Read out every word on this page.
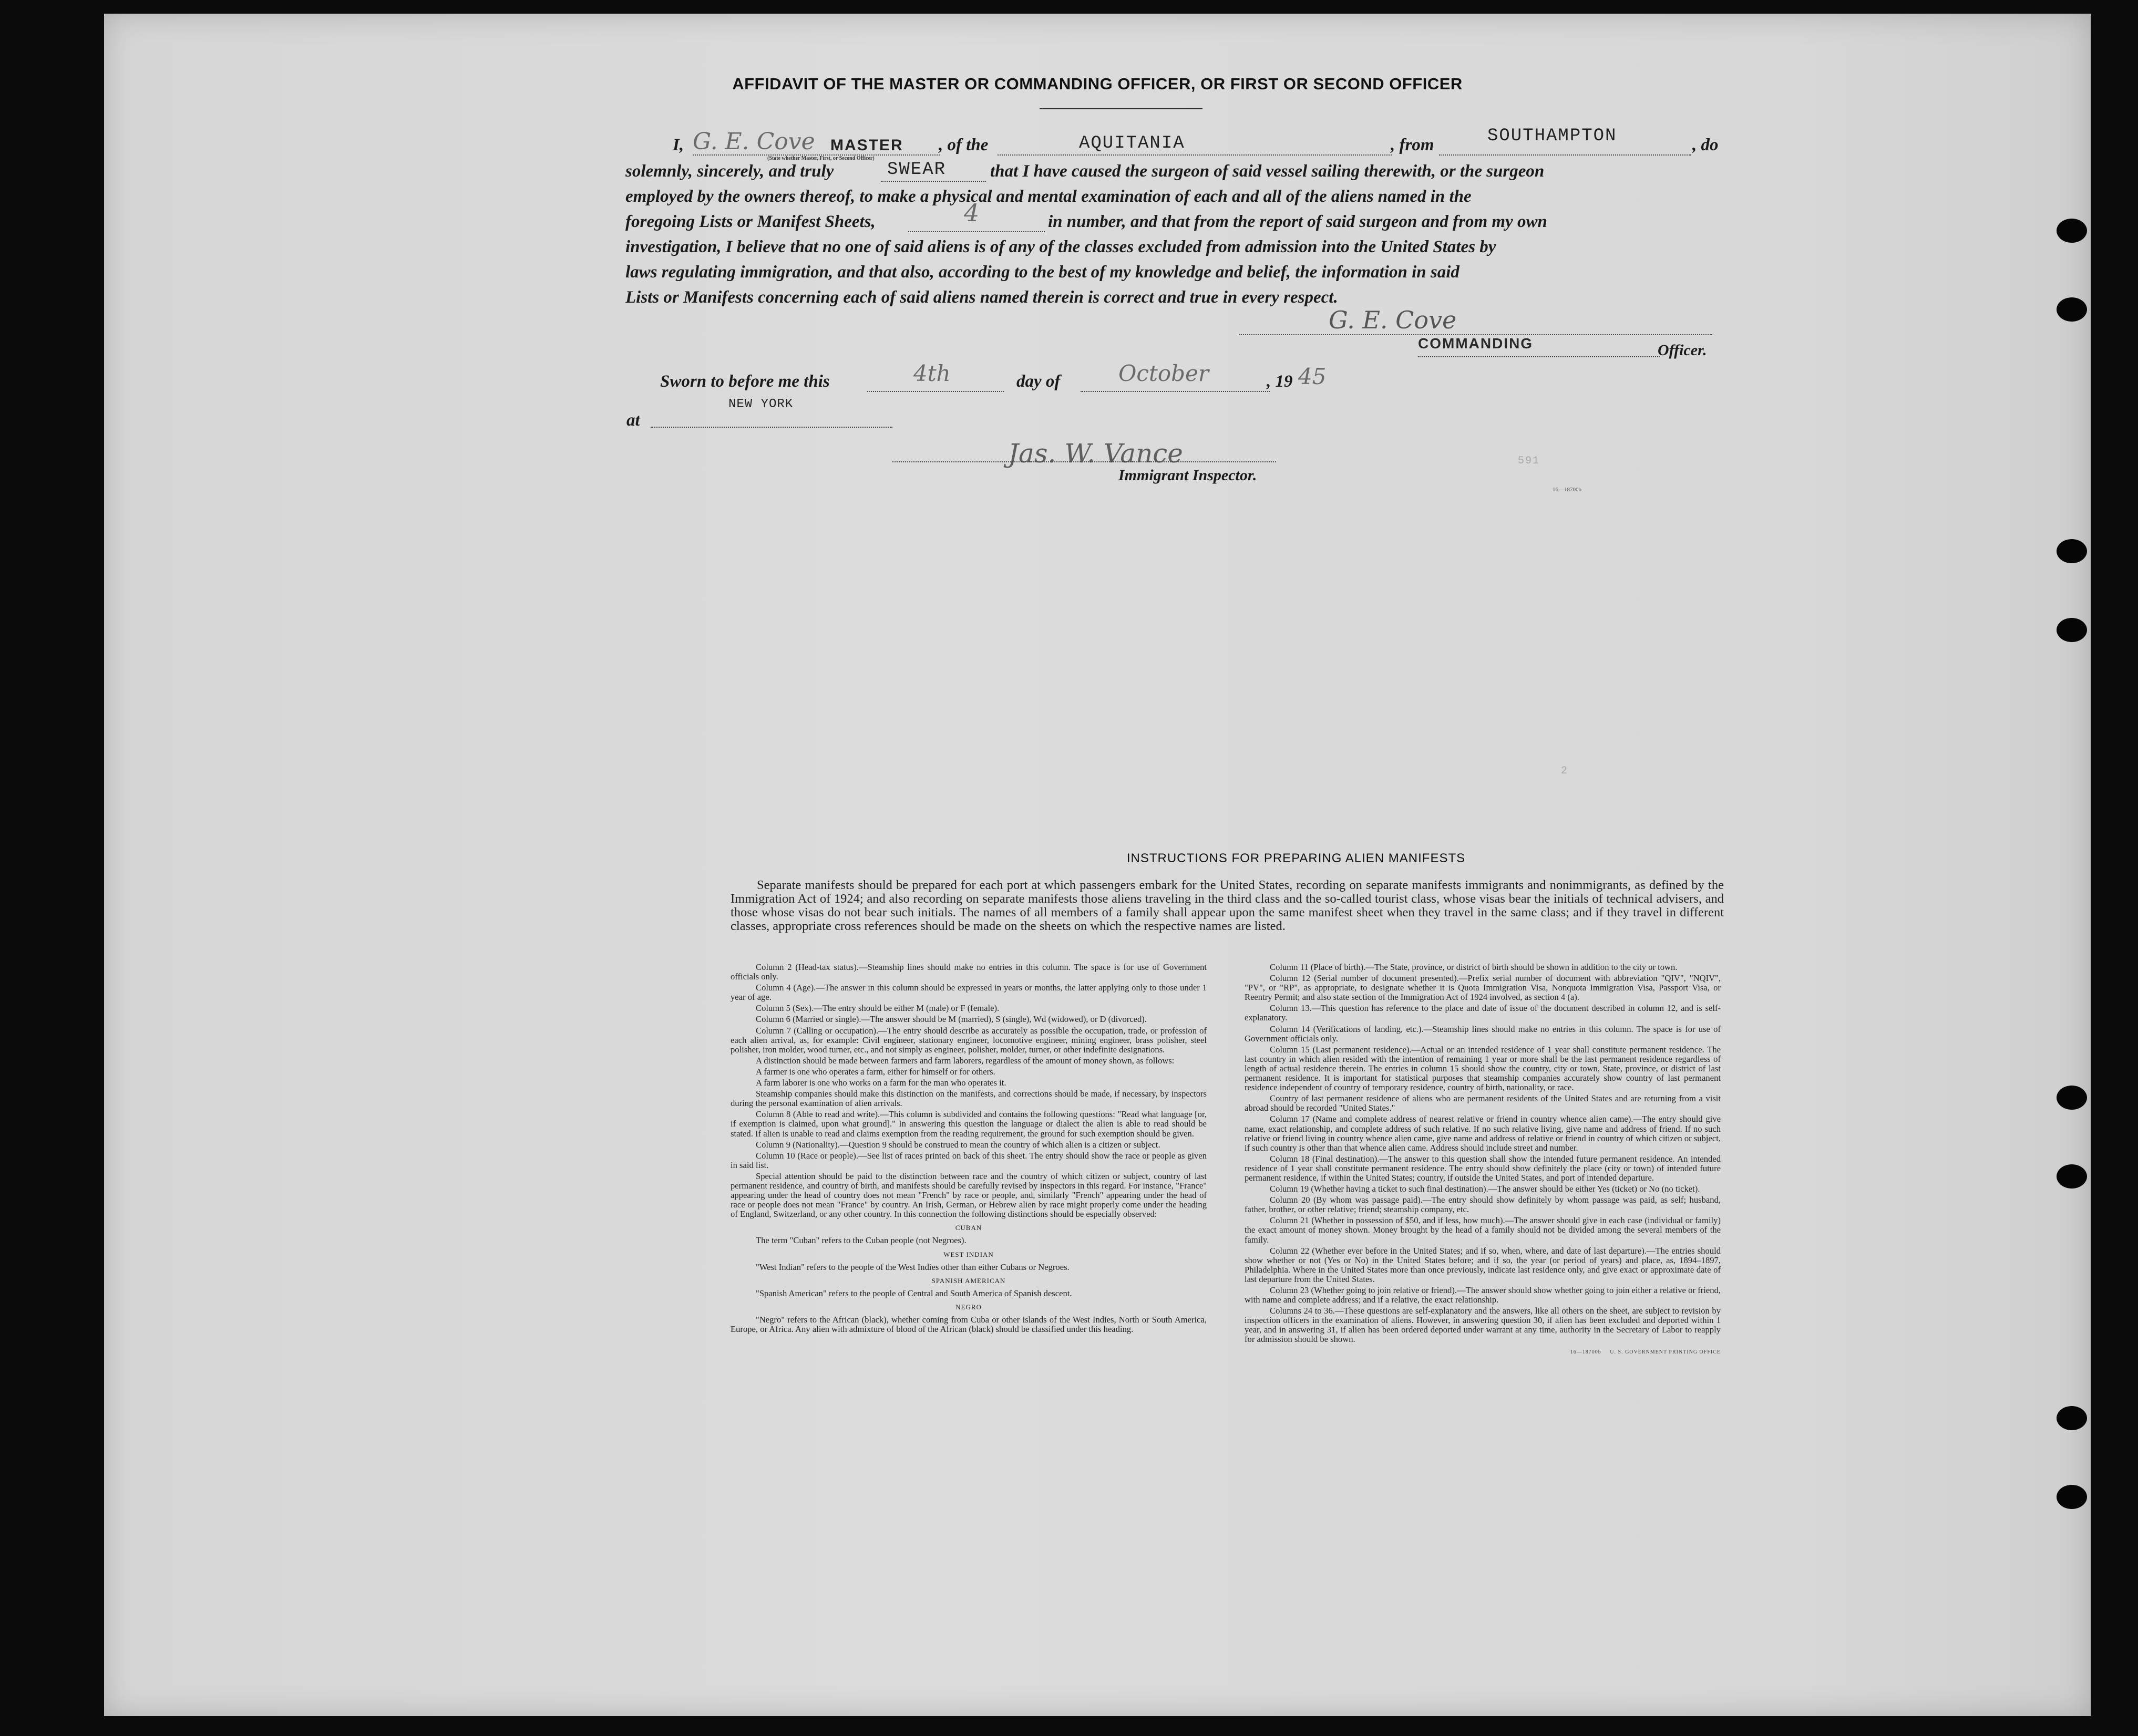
AFFIDAVIT OF THE MASTER OR COMMANDING OFFICER, OR FIRST OR SECOND OFFICER
I, G. E. Cove MASTER
(State whether Master, First, or Second Officer)
, of the	AQUITANIA	, from	SOUTHAMPTON	, do
solemnly, sincerely, and truly	SWEAR	that I have caused the surgeon of said vessel sailing therewith, or the surgeon
employed by the owners thereof, to make a physical and mental examination of each and all of the aliens named in the
foregoing Lists or Manifest Sheets,	4	in number, and that from the report of said surgeon and from my own
investigation, I believe that no one of said aliens is of any of the classes excluded from admission into the United States by
laws regulating immigration, and that also, according to the best of my knowledge and belief, the information in said
Lists or Manifests concerning each of said aliens named therein is correct and true in every respect.
G. E. Cove
COMMANDING	Officer.
Sworn to before me this	4th	day of	October	, 19 45
NEW YORK
at
Jas. W. Vance
Immigrant Inspector.
16—18700b
591
2
INSTRUCTIONS FOR PREPARING ALIEN MANIFESTS

Separate manifests should be prepared for each port at which passengers embark for the United States, recording on separate manifests immigrants and nonimmigrants, as defined by the Immigration Act of 1924; and also recording on separate manifests those aliens traveling in the third class and the so-called tourist class, whose visas bear the initials of technical advisers, and those whose visas do not bear such initials. The names of all members of a family shall appear upon the same manifest sheet when they travel in the same class; and if they travel in different classes, appropriate cross references should be made on the sheets on which the respective names are listed.

Column 2 (Head-tax status).—Steamship lines should make no entries in this column. The space is for use of Government officials only.

Column 4 (Age).—The answer in this column should be expressed in years or months, the latter applying only to those under 1 year of age.

Column 5 (Sex).—The entry should be either M (male) or F (female).

Column 6 (Married or single).—The answer should be M (married), S (single), Wd (widowed), or D (divorced).

Column 7 (Calling or occupation).—The entry should describe as accurately as possible the occupation, trade, or profession of each alien arrival, as, for example: Civil engineer, stationary engineer, locomotive engineer, mining engineer, brass polisher, steel polisher, iron molder, wood turner, etc., and not simply as engineer, polisher, molder, turner, or other indefinite designations.

A distinction should be made between farmers and farm laborers, regardless of the amount of money shown, as follows:

A farmer is one who operates a farm, either for himself or for others.

A farm laborer is one who works on a farm for the man who operates it.

Steamship companies should make this distinction on the manifests, and corrections should be made, if necessary, by inspectors during the personal examination of alien arrivals.

Column 8 (Able to read and write).—This column is subdivided and contains the following questions: "Read what language [or, if exemption is claimed, upon what ground]." In answering this question the language or dialect the alien is able to read should be stated. If alien is unable to read and claims exemption from the reading requirement, the ground for such exemption should be given.

Column 9 (Nationality).—Question 9 should be construed to mean the country of which alien is a citizen or subject.

Column 10 (Race or people).—See list of races printed on back of this sheet. The entry should show the race or people as given in said list.

Special attention should be paid to the distinction between race and the country of which citizen or subject, country of last permanent residence, and country of birth, and manifests should be carefully revised by inspectors in this regard. For instance, "France" appearing under the head of country does not mean "French" by race or people, and, similarly "French" appearing under the head of race or people does not mean "France" by country. An Irish, German, or Hebrew alien by race might properly come under the heading of England, Switzerland, or any other country. In this connection the following distinctions should be especially observed:

CUBAN

The term "Cuban" refers to the Cuban people (not Negroes).

WEST INDIAN

"West Indian" refers to the people of the West Indies other than either Cubans or Negroes.

SPANISH AMERICAN

"Spanish American" refers to the people of Central and South America of Spanish descent.

NEGRO

"Negro" refers to the African (black), whether coming from Cuba or other islands of the West Indies, North or South America, Europe, or Africa. Any alien with admixture of blood of the African (black) should be classified under this heading.

Column 11 (Place of birth).—The State, province, or district of birth should be shown in addition to the city or town.

Column 12 (Serial number of document presented).—Prefix serial number of document with abbreviation "QIV", "NQIV", "PV", or "RP", as appropriate, to designate whether it is Quota Immigration Visa, Nonquota Immigration Visa, Passport Visa, or Reentry Permit; and also state section of the Immigration Act of 1924 involved, as section 4 (a).

Column 13.—This question has reference to the place and date of issue of the document described in column 12, and is self-explanatory.

Column 14 (Verifications of landing, etc.).—Steamship lines should make no entries in this column. The space is for use of Government officials only.

Column 15 (Last permanent residence).—Actual or an intended residence of 1 year shall constitute permanent residence. The last country in which alien resided with the intention of remaining 1 year or more shall be the last permanent residence regardless of length of actual residence therein. The entries in column 15 should show the country, city or town, State, province, or district of last permanent residence. It is important for statistical purposes that steamship companies accurately show country of last permanent residence independent of country of temporary residence, country of birth, nationality, or race.

Country of last permanent residence of aliens who are permanent residents of the United States and are returning from a visit abroad should be recorded "United States."

Column 17 (Name and complete address of nearest relative or friend in country whence alien came).—The entry should give name, exact relationship, and complete address of such relative. If no such relative living, give name and address of friend. If no such relative or friend living in country whence alien came, give name and address of relative or friend in country of which citizen or subject, if such country is other than that whence alien came. Address should include street and number.

Column 18 (Final destination).—The answer to this question shall show the intended future permanent residence. An intended residence of 1 year shall constitute permanent residence. The entry should show definitely the place (city or town) of intended future permanent residence, if within the United States; country, if outside the United States, and port of intended departure.

Column 19 (Whether having a ticket to such final destination).—The answer should be either Yes (ticket) or No (no ticket).

Column 20 (By whom was passage paid).—The entry should show definitely by whom passage was paid, as self; husband, father, brother, or other relative; friend; steamship company, etc.

Column 21 (Whether in possession of $50, and if less, how much).—The answer should give in each case (individual or family) the exact amount of money shown. Money brought by the head of a family should not be divided among the several members of the family.

Column 22 (Whether ever before in the United States; and if so, when, where, and date of last departure).—The entries should show whether or not (Yes or No) in the United States before; and if so, the year (or period of years) and place, as, 1894–1897, Philadelphia. Where in the United States more than once previously, indicate last residence only, and give exact or approximate date of last departure from the United States.

Column 23 (Whether going to join relative or friend).—The answer should show whether going to join either a relative or friend, with name and complete address; and if a relative, the exact relationship.

Columns 24 to 36.—These questions are self-explanatory and the answers, like all others on the sheet, are subject to revision by inspection officers in the examination of aliens. However, in answering question 30, if alien has been excluded and deported within 1 year, and in answering 31, if alien has been ordered deported under warrant at any time, authority in the Secretary of Labor to reapply for admission should be shown.

16—18700b U. S. GOVERNMENT PRINTING OFFICE
